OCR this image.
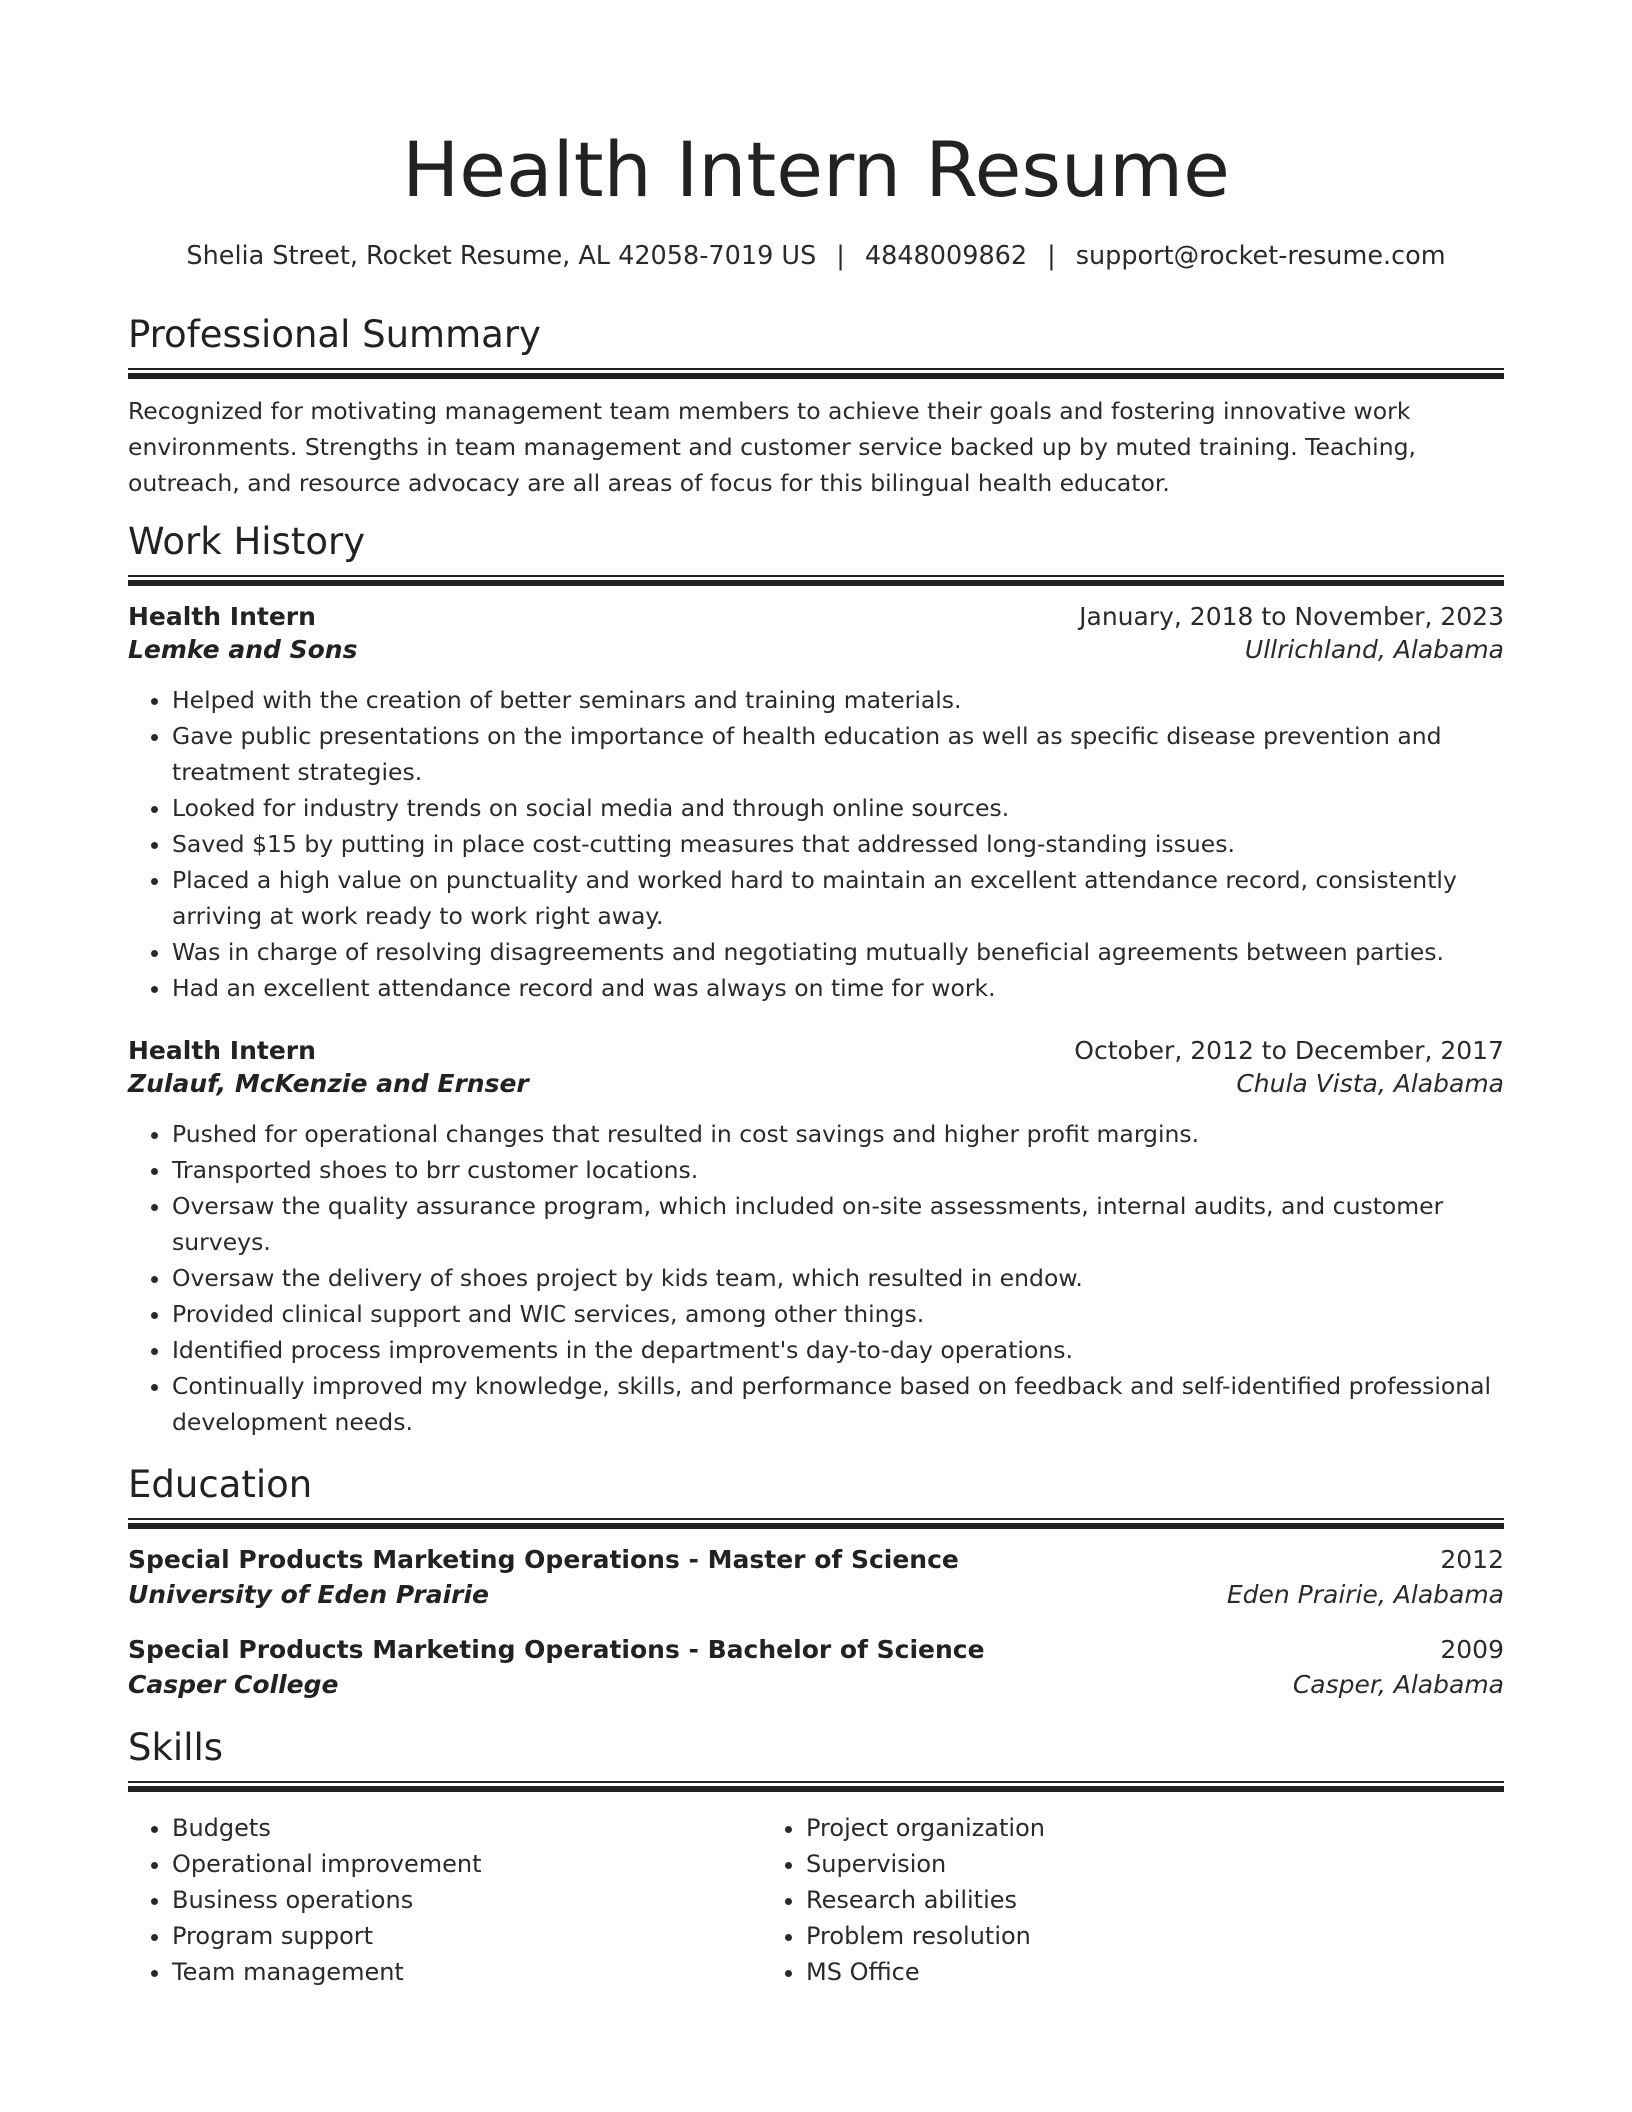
Health Intern Resume
Shelia Street, Rocket Resume, AL 42058-7019 US | 4848009862 | support@rocket-resume.com
Professional Summary
Recognized for motivating management team members to achieve their goals and fostering innovative work environments. Strengths in team management and customer service backed up by muted training. Teaching, outreach, and resource advocacy are all areas of focus for this bilingual health educator.
Work History
Health Intern	January, 2018 to November, 2023
Lemke and Sons	Ullrichland, Alabama
• Helped with the creation of better seminars and training materials.
• Gave public presentations on the importance of health education as well as specific disease prevention and treatment strategies.
• Looked for industry trends on social media and through online sources.
• Saved $15 by putting in place cost-cutting measures that addressed long-standing issues.
• Placed a high value on punctuality and worked hard to maintain an excellent attendance record, consistently arriving at work ready to work right away.
• Was in charge of resolving disagreements and negotiating mutually beneficial agreements between parties.
• Had an excellent attendance record and was always on time for work.
Health Intern	October, 2012 to December, 2017
Zulauf, McKenzie and Ernser	Chula Vista, Alabama
• Pushed for operational changes that resulted in cost savings and higher profit margins.
• Transported shoes to brr customer locations.
• Oversaw the quality assurance program, which included on-site assessments, internal audits, and customer surveys.
• Oversaw the delivery of shoes project by kids team, which resulted in endow.
• Provided clinical support and WIC services, among other things.
• Identified process improvements in the department's day-to-day operations.
• Continually improved my knowledge, skills, and performance based on feedback and self-identified professional development needs.
Education
Special Products Marketing Operations - Master of Science	2012
University of Eden Prairie	Eden Prairie, Alabama
Special Products Marketing Operations - Bachelor of Science	2009
Casper College	Casper, Alabama
Skills
• Budgets
• Operational improvement
• Business operations
• Program support
• Team management
• Project organization
• Supervision
• Research abilities
• Problem resolution
• MS Office
